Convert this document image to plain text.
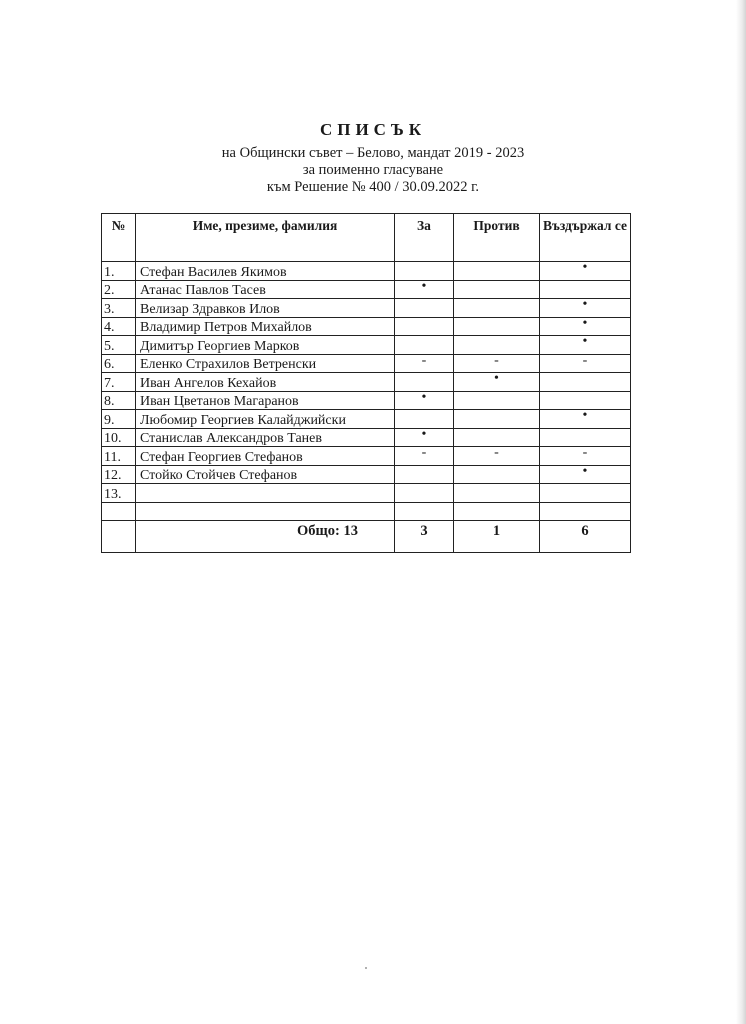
СПИСЪК
на Общински съвет – Белово, мандат 2019 - 2023
за поименно гласуване
към Решение № 400 / 30.09.2022 г.
№	Име, презиме, фамилия	За	Против	Въздържал се
1.	Стефан Василев Якимов			•
2.	Атанас Павлов Тасев	•		
3.	Велизар Здравков Илов			•
4.	Владимир Петров Михайлов			•
5.	Димитър Георгиев Марков			•
6.	Еленко Страхилов Ветренски	-	-	-
7.	Иван Ангелов Кехайов		•	
8.	Иван Цветанов Магаранов	•		
9.	Любомир Георгиев Калайджийски			•
10.	Станислав Александров Танев	•		
11.	Стефан Георгиев Стефанов	-	-	-
12.	Стойко Стойчев Стефанов			•
13.				

	Общо: 13	3	1	6
